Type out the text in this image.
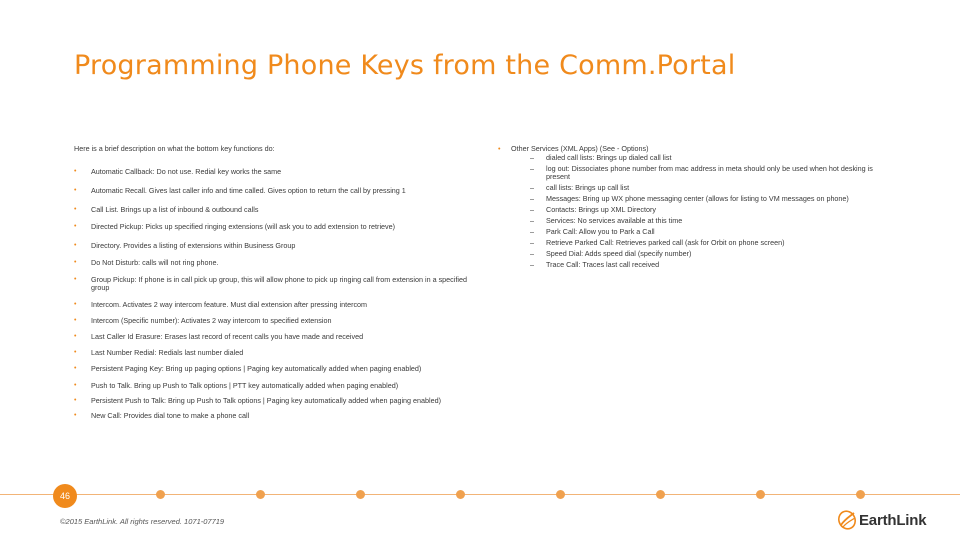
Programming Phone Keys from the Comm.Portal

Here is a brief description on what the bottom key functions do:

• Automatic Callback: Do not use. Redial key works the same
• Automatic Recall. Gives last caller info and time called. Gives option to return the call by pressing 1
• Call List. Brings up a list of inbound & outbound calls
• Directed Pickup: Picks up specified ringing extensions (will ask you to add extension to retrieve)
• Directory. Provides a listing of extensions within Business Group
• Do Not Disturb: calls will not ring phone.
• Group Pickup: If phone is in call pick up group, this will allow phone to pick up ringing call from extension in a specified group
• Intercom. Activates 2 way intercom feature. Must dial extension after pressing intercom
• Intercom (Specific number): Activates 2 way intercom to specified extension
• Last Caller Id Erasure: Erases last record of recent calls you have made and received
• Last Number Redial: Redials last number dialed
• Persistent Paging Key: Bring up paging options | Paging key automatically added when paging enabled)
• Push to Talk. Bring up Push to Talk options | PTT key automatically added when paging enabled)
• Persistent Push to Talk: Bring up Push to Talk options | Paging key automatically added when paging enabled)
• New Call: Provides dial tone to make a phone call

• Other Services (XML Apps) (See - Options)

– dialed call lists: Brings up dialed call list
– log out: Dissociates phone number from mac address in meta should only be used when hot desking is present
– call lists: Brings up call list
– Messages: Bring up WX phone messaging center (allows for listing to VM messages on phone)
– Contacts: Brings up XML Directory
– Services: No services available at this time
– Park Call: Allow you to Park a Call
– Retrieve Parked Call: Retrieves parked call (ask for Orbit on phone screen)
– Speed Dial: Adds speed dial (specify number)
– Trace Call: Traces last call received
46
©2015 EarthLink. All rights reserved. 1071-07719	EarthLink
